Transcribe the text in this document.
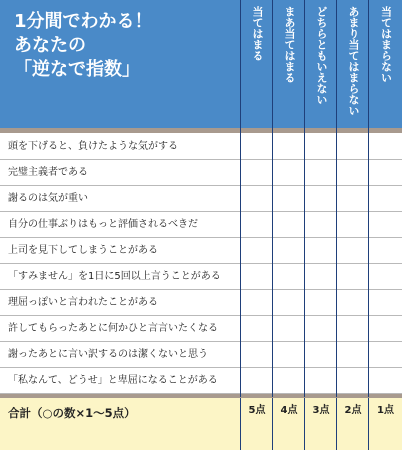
1分間でわかる！
あなたの
「逆なで指数」
当てはまる まあ当てはまる どちらともいえない あまり当てはまらない 当てはまらない
頭を下げると、負けたような気がする
完璧主義者である
謝るのは気が重い
自分の仕事ぶりはもっと評価されるべきだ
上司を見下してしまうことがある
「すみません」を1日に5回以上言うことがある
理屈っぽいと言われたことがある
許してもらったあとに何かひと言言いたくなる
謝ったあとに言い訳するのは潔くないと思う
「私なんて、どうせ」と卑屈になることがある
合計（○の数×1～5点）	5点	4点	3点	2点	1点
